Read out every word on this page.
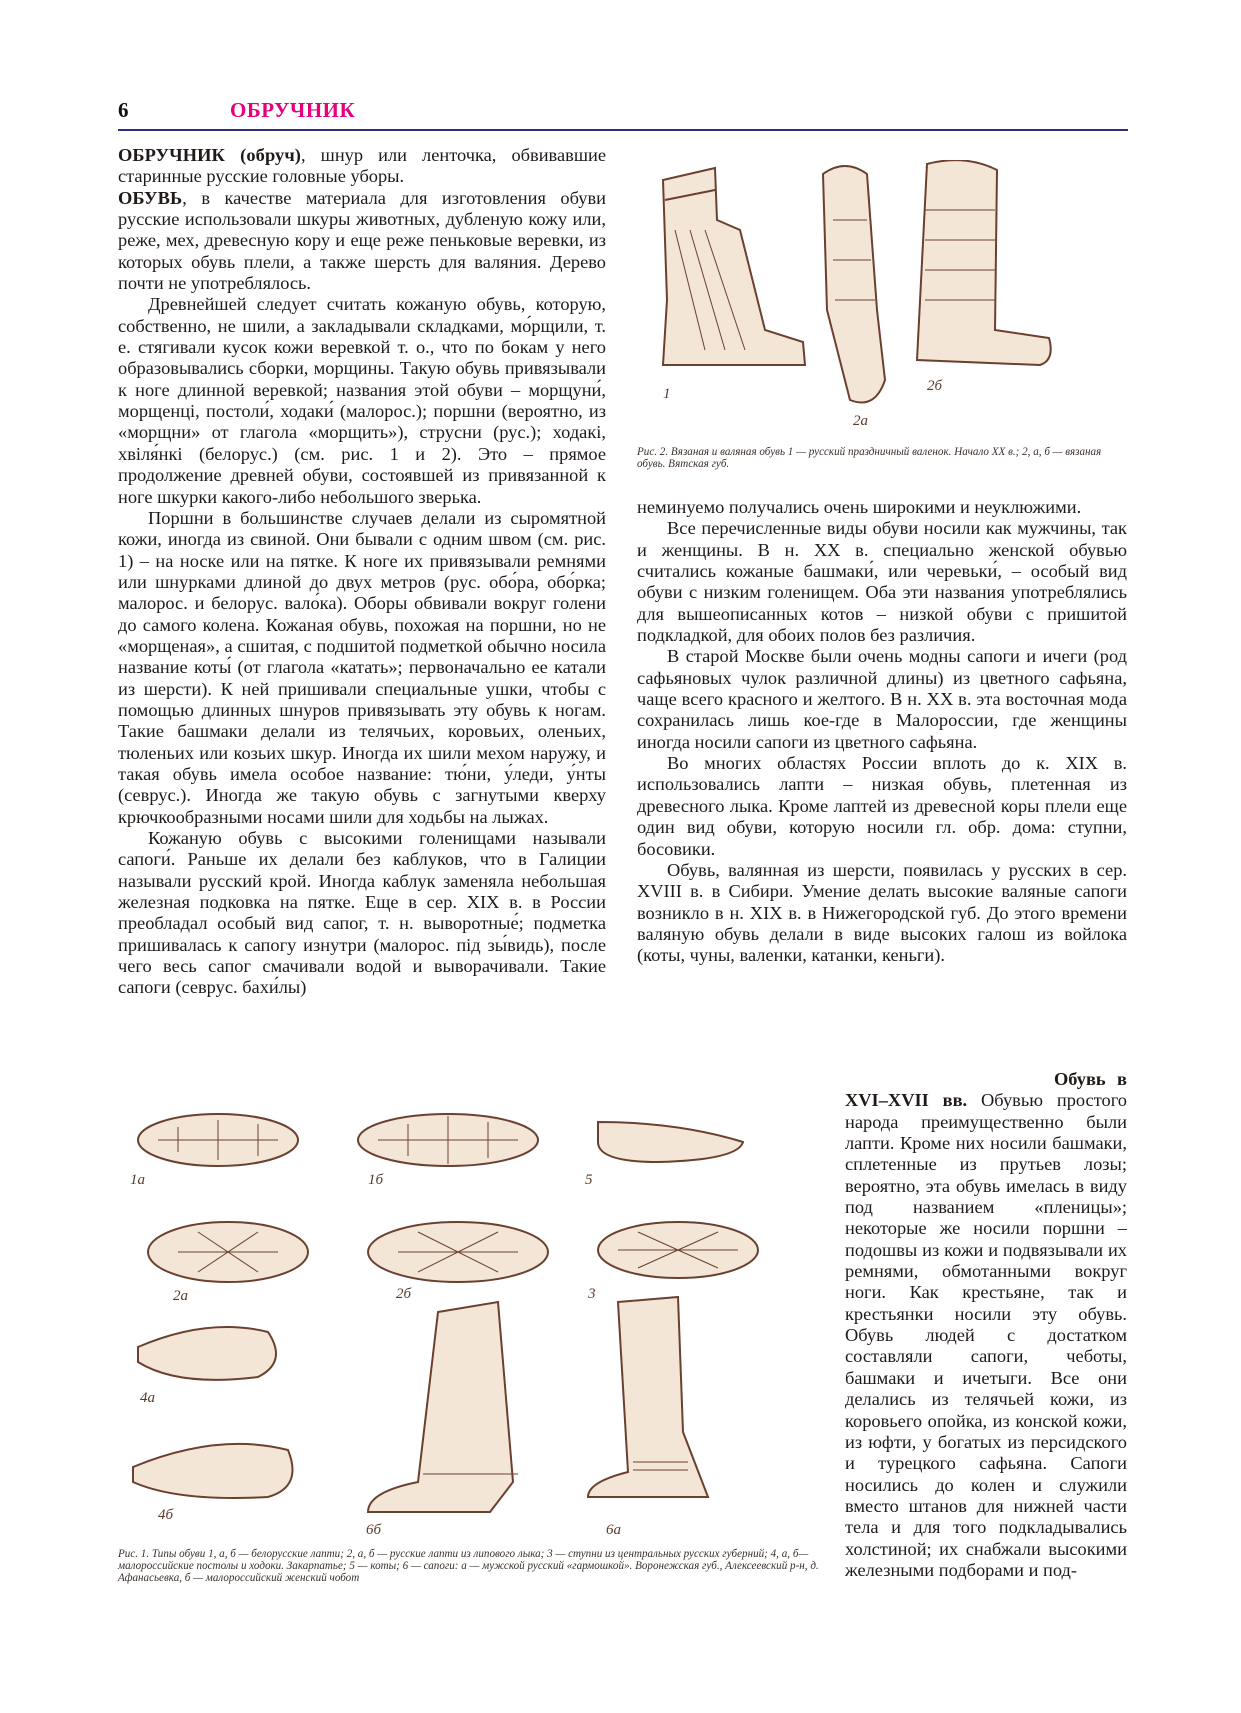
6	ОБРУЧНИК

ОБРУЧНИК (обруч), шнур или ленточка, обвивавшие старинные русские головные уборы.

ОБУВЬ, в качестве материала для изготовления обуви русские использовали шкуры животных, дубленую кожу или, реже, мех, древесную кору и еще реже пеньковые веревки, из которых обувь плели, а также шерсть для валяния. Дерево почти не употреблялось.

Древнейшей следует считать кожаную обувь, которую, собственно, не шили, а закладывали складками, мо́рщили, т. е. стягивали кусок кожи веревкой т. о., что по бокам у него образовывались сборки, морщины. Такую обувь привязывали к ноге длинной веревкой; названия этой обуви – морщуни́, морщенці, постоли́, ходаки́ (малорос.); поршни (вероятно, из «морщни» от глагола «морщить»), струсни (рус.); ходакі, хвіля́нкі (белорус.) (см. рис. 1 и 2). Это – прямое продолжение древней обуви, состоявшей из привязанной к ноге шкурки какого-либо небольшого зверька.

Поршни в большинстве случаев делали из сыромятной кожи, иногда из свиной. Они бывали с одним швом (см. рис. 1) – на носке или на пятке. К ноге их привязывали ремнями или шнурками длиной до двух метров (рус. обо́ра, обо́рка; малорос. и белорус. вало́ка). Оборы обвивали вокруг голени до самого колена. Кожаная обувь, похожая на поршни, но не «морщеная», а сшитая, с подшитой подметкой обычно носила название коты́ (от глагола «катать»; первоначально ее катали из шерсти). К ней пришивали специальные ушки, чтобы с помощью длинных шнуров привязывать эту обувь к ногам. Такие башмаки делали из телячьих, коровьих, оленьих, тюленьих или козьих шкур. Иногда их шили мехом наружу, и такая обувь имела особое название: тю́ни, у́леди, у́нты (севрус.). Иногда же такую обувь с загнутыми кверху крючкообразными носами шили для ходьбы на лыжах.

Кожаную обувь с высокими голенищами называли сапоги́. Раньше их делали без каблуков, что в Галиции называли русский крой. Иногда каблук заменяла небольшая железная подковка на пятке. Еще в сер. XIX в. в России преобладал особый вид сапог, т. н. выворотные́; подметка пришивалась к сапогу изнутри (малорос. пiд зы́видь), после чего весь сапог смачивали водой и выворачивали. Такие сапоги (севрус. бахи́лы)

1
2а
2б
Рис. 2. Вязаная и валяная обувь 1 — русский праздничный валенок. Начало XX в.; 2, а, б — вязаная обувь. Вятская губ.

неминуемо получались очень широкими и неуклюжими.

Все перечисленные виды обуви носили как мужчины, так и женщины. В н. XX в. специально женской обувью считались кожаные башмаки́, или черевьки́, – особый вид обуви с низким голенищем. Оба эти названия употреблялись для вышеописанных котов – низкой обуви с пришитой подкладкой, для обоих полов без различия.

В старой Москве были очень модны сапоги и ичеги (род сафьяновых чулок различной длины) из цветного сафьяна, чаще всего красного и желтого. В н. XX в. эта восточная мода сохранилась лишь кое-где в Малороссии, где женщины иногда носили сапоги из цветного сафьяна.

Во многих областях России вплоть до к. XIX в. использовались лапти – низкая обувь, плетенная из древесного лыка. Кроме лаптей из древесной коры плели еще один вид обуви, которую носили гл. обр. дома: ступни, босовики.

Обувь, валянная из шерсти, появилась у русских в сер. XVIII в. в Сибири. Умение делать высокие валяные сапоги возникло в н. XIX в. в Нижегородской губ. До этого времени валяную обувь делали в виде высоких галош из войлока (коты, чуны, валенки, катанки, кеньги).

1а	1б	5
2а	2б	3
4а
4б
6б	6а
Рис. 1. Типы обуви 1, а, б — белорусские лапти; 2, а, б — русские лапти из липового лыка; 3 — ступни из центральных русских губерний; 4, а, б— малороссийские постолы и ходоки. Закарпатье; 5 — коты; 6 — сапоги: а — мужской русский «гармошкой». Воронежская губ., Алексеевский р-н, д. Афанасьевка, б — малороссийский женский чобот

Обувь в XVI–XVII вв. Обувью простого народа преимущественно были лапти. Кроме них носили башмаки, сплетенные из прутьев лозы; вероятно, эта обувь имелась в виду под названием «пленицы»; некоторые же носили поршни – подошвы из кожи и подвязывали их ремнями, обмотанными вокруг ноги. Как крестьяне, так и крестьянки носили эту обувь. Обувь людей с достатком составляли сапоги, чеботы, башмаки и ичетыги. Все они делались из телячьей кожи, из коровьего опойка, из конской кожи, из юфти, у богатых из персидского и турецкого сафьяна. Сапоги носились до колен и служили вместо штанов для нижней части тела и для того подкладывались холстиной; их снабжали высокими железными подборами и под-
